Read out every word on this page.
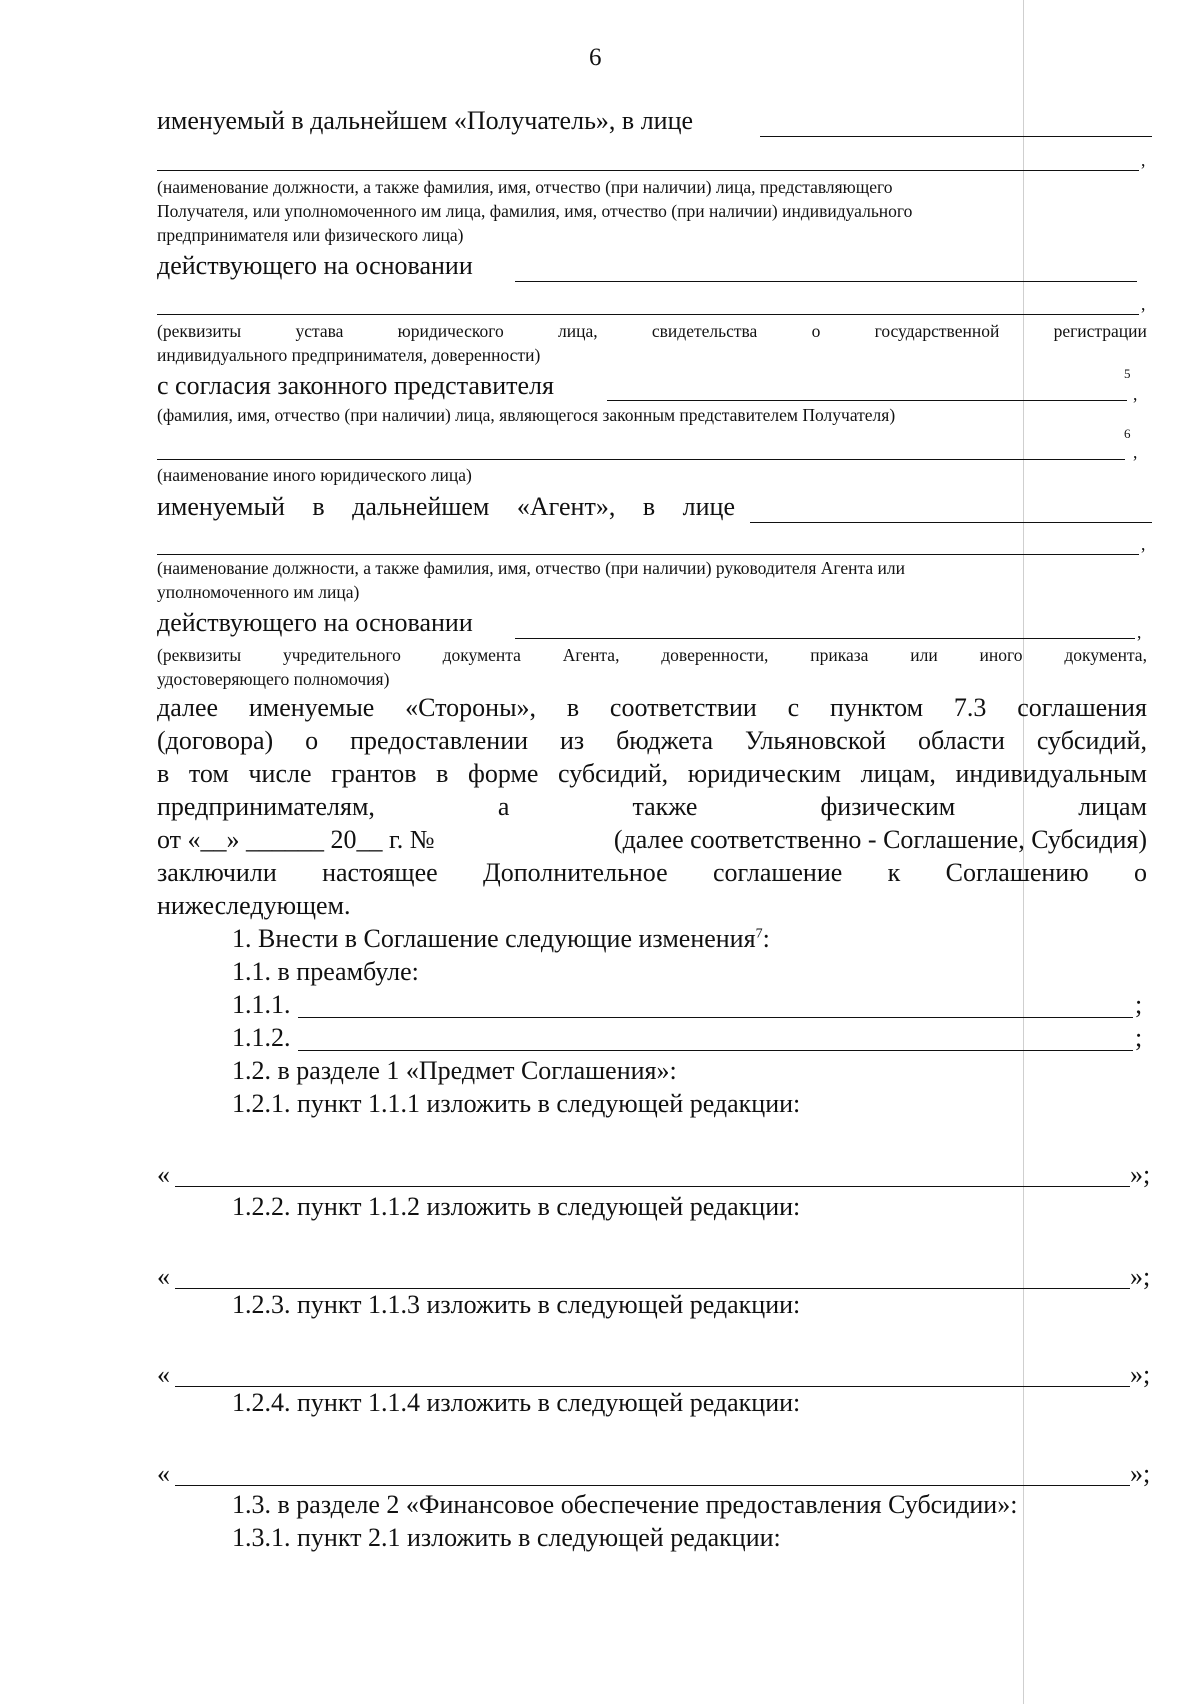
6
именуемый в дальнейшем «Получатель», в лице
,
(наименование должности, а также фамилия, имя, отчество (при наличии) лица, представляющего
Получателя, или уполномоченного им лица, фамилия, имя, отчество (при наличии) индивидуального
предпринимателя или физического лица)
действующего на основании
,
(реквизиты	устава	юридического	лица,	свидетельства	о	государственной	регистрации
индивидуального предпринимателя, доверенности)
с согласия законного представителя	5
,
(фамилия, имя, отчество (при наличии) лица, являющегося законным представителем Получателя)
6
,
(наименование иного юридического лица)
именуемый в дальнейшем «Агент», в лице
,
(наименование должности, а также фамилия, имя, отчество (при наличии) руководителя Агента или
уполномоченного им лица)
действующего на основании	,
(реквизиты учредительного документа Агента, доверенности, приказа или иного документа,
удостоверяющего полномочия)
далее именуемые «Стороны», в соответствии с пунктом 7.3 соглашения
(договора) о предоставлении из бюджета Ульяновской области субсидий,
в том числе грантов в форме субсидий, юридическим лицам, индивидуальным
предпринимателям,	а	также	физическим	лицам
от «__» ______ 20__ г. №	(далее соответственно - Соглашение, Субсидия)
заключили настоящее Дополнительное соглашение к Соглашению о
нижеследующем.
1. Внести в Соглашение следующие изменения$^7$:
1.1. в преамбуле:
1.1.1.	;
1.1.2.	;
1.2. в разделе 1 «Предмет Соглашения»:
1.2.1. пункт 1.1.1 изложить в следующей редакции:
«	»;
1.2.2. пункт 1.1.2 изложить в следующей редакции:
«	»;
1.2.3. пункт 1.1.3 изложить в следующей редакции:
«	»;
1.2.4. пункт 1.1.4 изложить в следующей редакции:
«	»;
1.3. в разделе 2 «Финансовое обеспечение предоставления Субсидии»:
1.3.1. пункт 2.1 изложить в следующей редакции:
